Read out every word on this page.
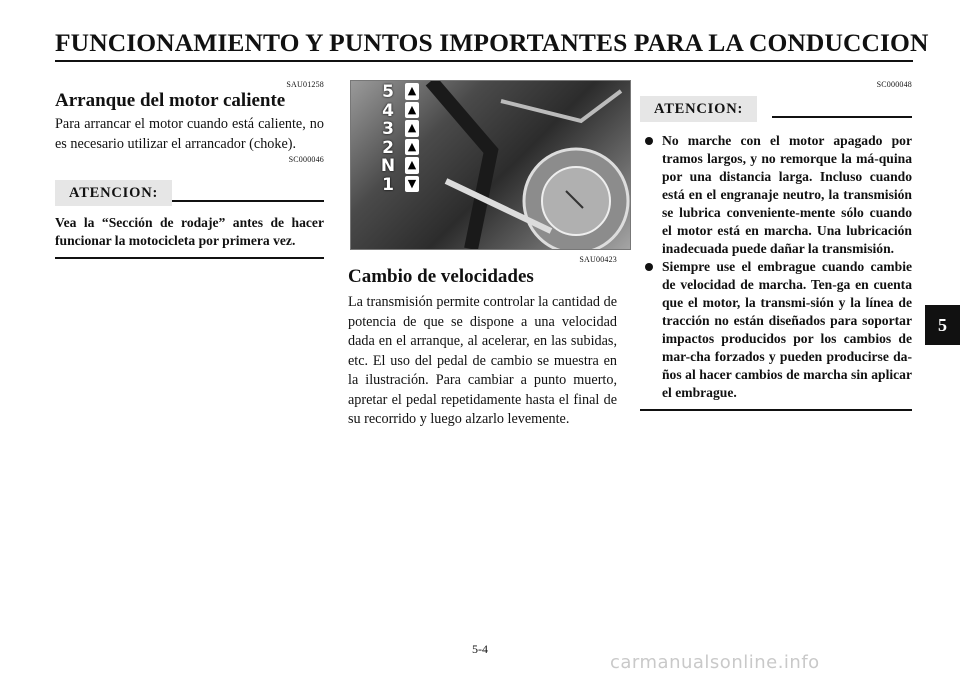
FUNCIONAMIENTO Y PUNTOS IMPORTANTES PARA LA CONDUCCION
SAU01258
Arranque del motor caliente

Para arrancar el motor cuando está caliente, no es necesario utilizar el arrancador (choke).

SC000046
ATENCION:

Vea la “Sección de rodaje” antes de hacer funcionar la motocicleta por primera vez.

5
4
3
2
N
1
▲
▲
▲
▲
▲
▼
SAU00423
Cambio de velocidades

La transmisión permite controlar la cantidad de potencia de que se dispone a una velocidad dada en el arranque, al acelerar, en las subidas, etc. El uso del pedal de cambio se muestra en la ilustración. Para cambiar a punto muerto, apretar el pedal repetidamente hasta el final de su recorrido y luego alzarlo levemente.

SC000048
ATENCION:

No marche con el motor apagado por tramos largos, y no remorque la má-quina por una distancia larga. Incluso cuando está en el engranaje neutro, la transmisión se lubrica conveniente-mente sólo cuando el motor está en marcha. Una lubricación inadecuada puede dañar la transmisión.

Siempre use el embrague cuando cambie de velocidad de marcha. Ten-ga en cuenta que el motor, la transmi-sión y la línea de tracción no están diseñados para soportar impactos producidos por los cambios de mar-cha forzados y pueden producirse da-ños al hacer cambios de marcha sin aplicar el embrague.

5
5-4
carmanualsonline.info
